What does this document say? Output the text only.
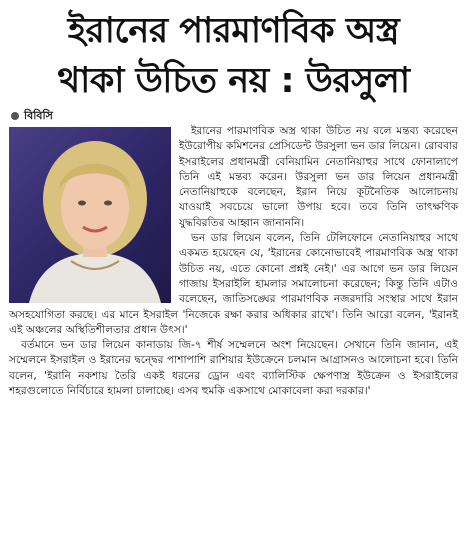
ইরানের পারমাণবিক অস্ত্র
থাকা উচিত নয় : উরসুলা
বিবিসি

ইরানের পারমাণবিক অস্ত্র থাকা উচিত নয় বলে মন্তব্য করেছেন ইউরোপীয় কমিশনের প্রেসিডেন্ট উরসুলা ভন ডার লিয়েন। রোববার ইসরাইলের প্রধানমন্ত্রী বেনিয়ামিন নেতানিয়াহুর সাথে ফোনালাপে তিনি এই মন্তব্য করেন। উরসুলা ভন ডার লিয়েন প্রধানমন্ত্রী নেতানিয়াহুকে বলেছেন, ইরান নিয়ে কূটনৈতিক আলোচনায় যাওয়াই সবচেয়ে ভালো উপায় হবে। তবে তিনি তাৎক্ষণিক যুদ্ধবিরতির আহ্বান জানাননি।

ভন ডার লিয়েন বলেন, তিনি টেলিফোনে নেতানিয়াহুর সাথে একমত হয়েছেন যে, 'ইরানের কোনোভাবেই পারমাণবিক অস্ত্র থাকা উচিত নয়, এতে কোনো প্রশ্নই নেই।' এর আগে ভন ডার লিয়েন গাজায় ইসরাইলি হামলার সমালোচনা করেছেন; কিন্তু তিনি এটাও বলেছেন, জাতিসঙ্ঘের পারমাণবিক নজরদারি সংস্থার সাথে ইরান অসহযোগিতা করছে। এর মানে ইসরাইল 'নিজেকে রক্ষা করার অধিকার রাখে'। তিনি আরো বলেন, 'ইরানই এই অঞ্চলের অস্থিতিশীলতার প্রধান উৎস।'

বর্তমানে ভন ডার লিয়েন কানাডায় জি-৭ শীর্ষ সম্মেলনে অংশ নিয়েছেন। সেখানে তিনি জানান, এই সম্মেলনে ইসরাইল ও ইরানের দ্বন্দ্বের পাশাপাশি রাশিয়ার ইউক্রেনে চলমান আগ্রাসনও আলোচনা হবে। তিনি বলেন, 'ইরানি নকশায় তৈরি একই ধরনের ড্রোন এবং ব্যালিস্টিক ক্ষেপণাস্ত্র ইউক্রেন ও ইসরাইলের শহরগুলোতে নির্বিচারে হামলা চালাচ্ছে। এসব হুমকি একসাথে মোকাবেলা করা দরকার।'
